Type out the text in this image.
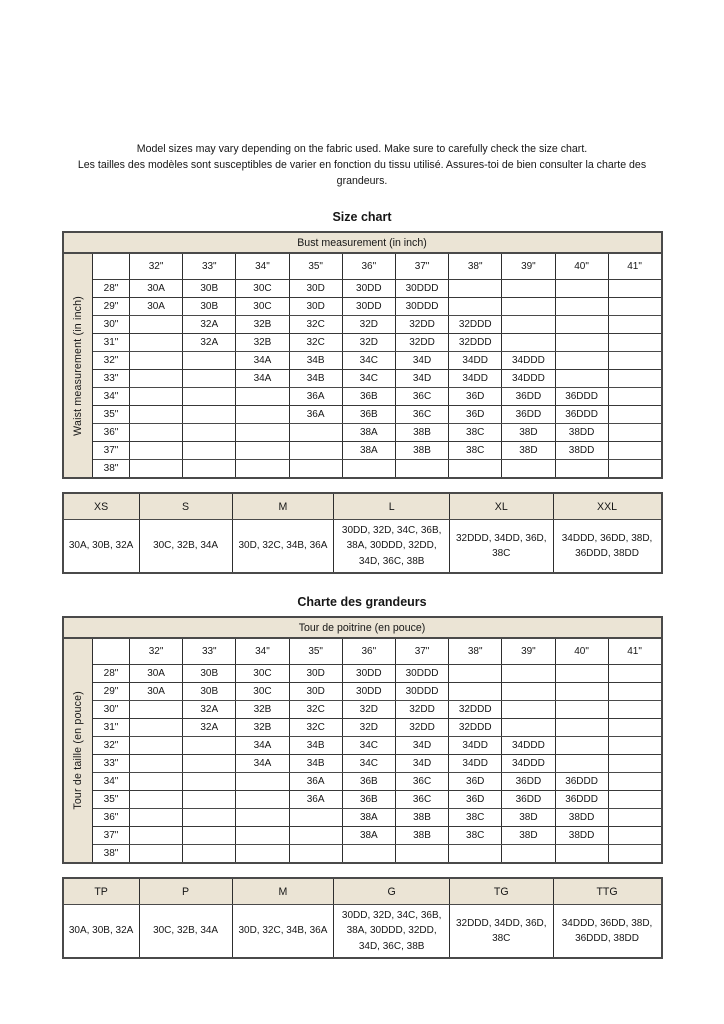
Model sizes may vary depending on the fabric used. Make sure to carefully check the size chart.

Les tailles des modèles sont susceptibles de varier en fonction du tissu utilisé. Assures-toi de bien consulter la charte des grandeurs.

Size chart
Bust measurement (in inch)											

Waist measurement (in inch)		32"	33"	34"	35"	36"	37"	38"	39"	40"	41"
	28"	30A	30B	30C	30D	30DD	30DDD				
	29"	30A	30B	30C	30D	30DD	30DDD				
	30"		32A	32B	32C	32D	32DD	32DDD			
	31"		32A	32B	32C	32D	32DD	32DDD			
	32"			34A	34B	34C	34D	34DD	34DDD		
	33"			34A	34B	34C	34D	34DD	34DDD		
	34"				36A	36B	36C	36D	36DD	36DDD	
	35"				36A	36B	36C	36D	36DD	36DDD	
	36"					38A	38B	38C	38D	38DD	
	37"					38A	38B	38C	38D	38DD	
	38"										
XS	S	M	L	XL	XXL
30A, 30B, 32A	30C, 32B, 34A	30D, 32C, 34B, 36A	30DD, 32D, 34C, 36B, 38A, 30DDD, 32DD, 34D, 36C, 38B	32DDD, 34DD, 36D, 38C	34DDD, 36DD, 38D, 36DDD, 38DD
Charte des grandeurs
Tour de poitrine (en pouce)											

Tour de taille (en pouce)		32"	33"	34"	35"	36"	37"	38"	39"	40"	41"
	28"	30A	30B	30C	30D	30DD	30DDD				
	29"	30A	30B	30C	30D	30DD	30DDD				
	30"		32A	32B	32C	32D	32DD	32DDD			
	31"		32A	32B	32C	32D	32DD	32DDD			
	32"			34A	34B	34C	34D	34DD	34DDD		
	33"			34A	34B	34C	34D	34DD	34DDD		
	34"				36A	36B	36C	36D	36DD	36DDD	
	35"				36A	36B	36C	36D	36DD	36DDD	
	36"					38A	38B	38C	38D	38DD	
	37"					38A	38B	38C	38D	38DD	
	38"										
TP	P	M	G	TG	TTG
30A, 30B, 32A	30C, 32B, 34A	30D, 32C, 34B, 36A	30DD, 32D, 34C, 36B, 38A, 30DDD, 32DD, 34D, 36C, 38B	32DDD, 34DD, 36D, 38C	34DDD, 36DD, 38D, 36DDD, 38DD
